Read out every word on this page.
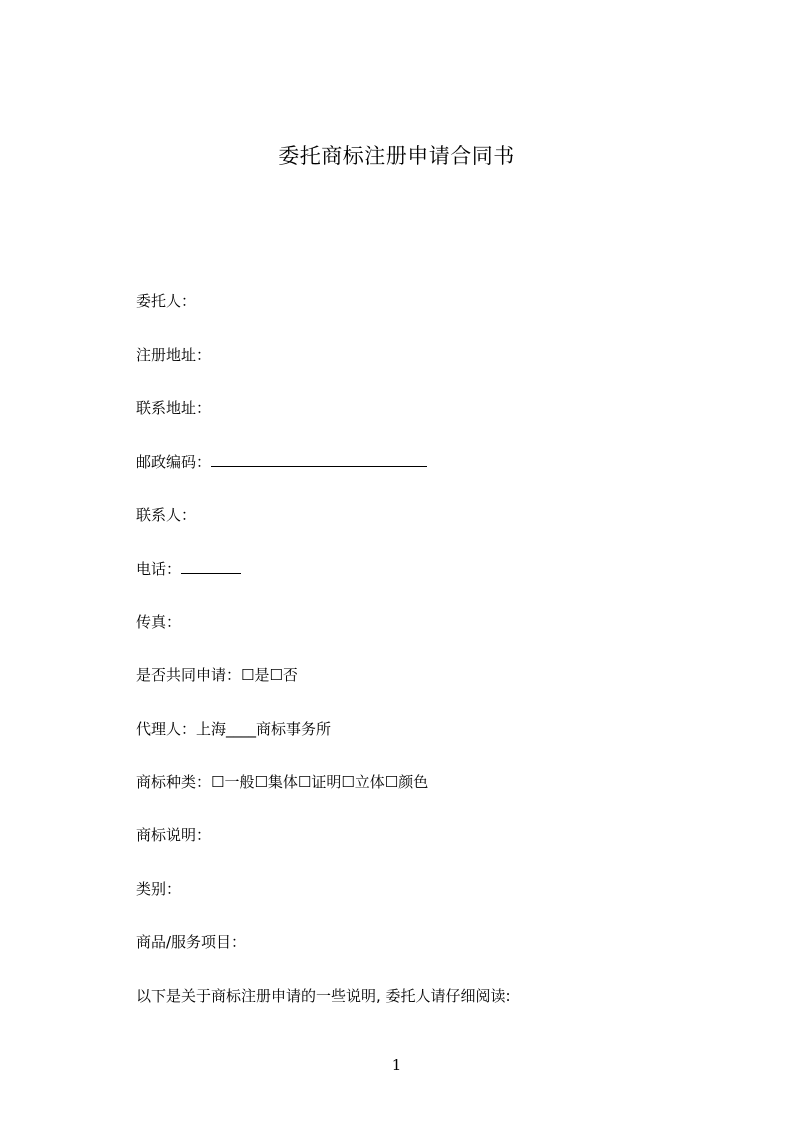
委托商标注册申请合同书
委托人：
注册地址：
联系地址：
邮政编码：
联系人：
电话：
传真：
是否共同申请：☐是☐否
代理人：上海____商标事务所
商标种类：☐一般☐集体☐证明☐立体☐颜色
商标说明：
类别：
商品/服务项目：
以下是关于商标注册申请的一些说明, 委托人请仔细阅读:
1
